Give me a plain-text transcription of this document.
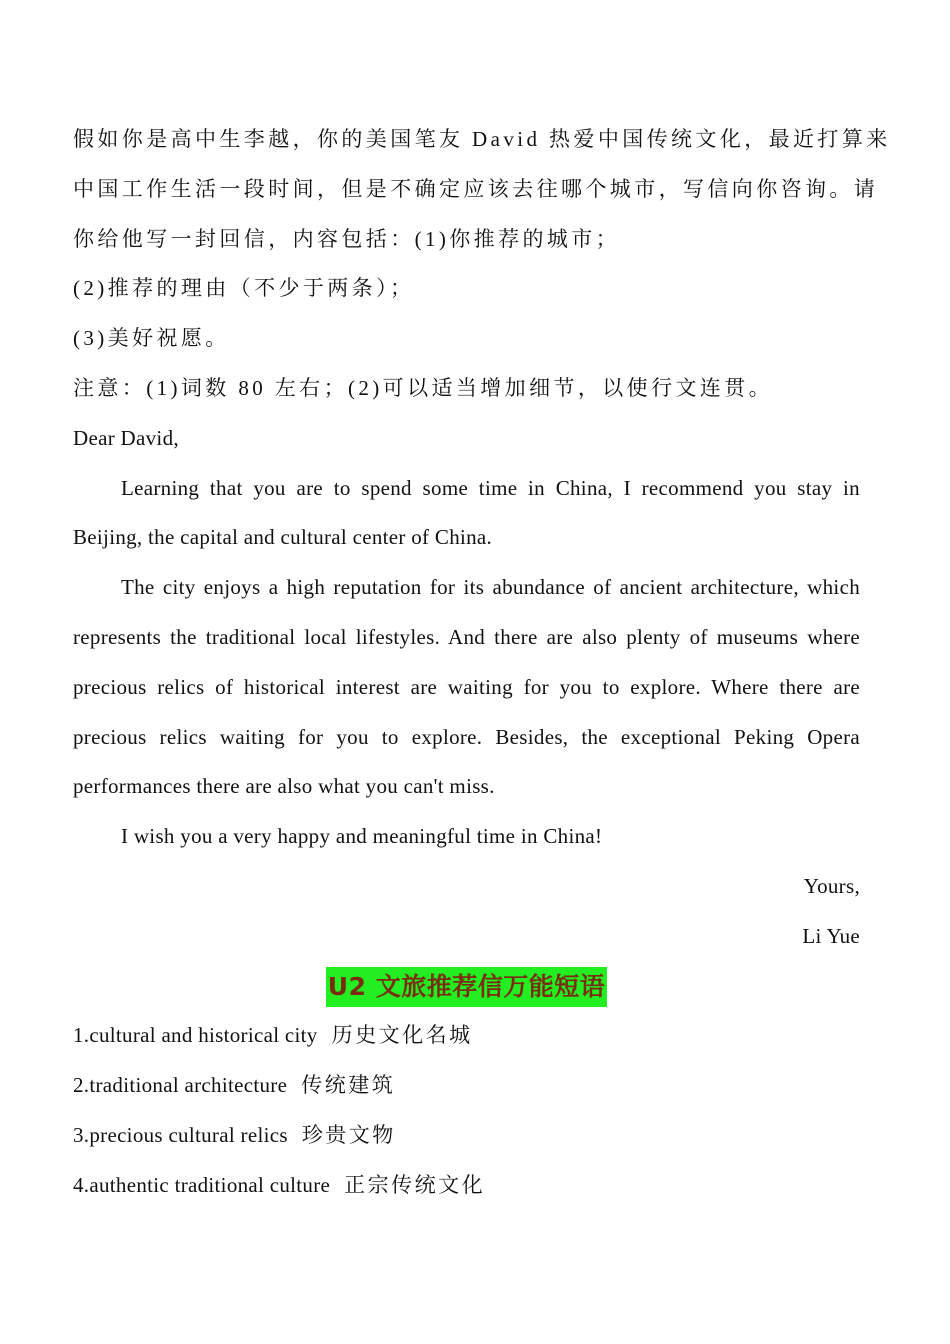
假如你是高中生李越，你的美国笔友 David 热爱中国传统文化，最近打算来

中国工作生活一段时间，但是不确定应该去往哪个城市，写信向你咨询。请

你给他写一封回信，内容包括：(1)你推荐的城市；

(2)推荐的理由（不少于两条）；

(3)美好祝愿。

注意：(1)词数 80 左右；(2)可以适当增加细节，以使行文连贯。

Dear David,

Learning that you are to spend some time in China, I recommend you stay in Beijing, the capital and cultural center of China.

The city enjoys a high reputation for its abundance of ancient architecture, which represents the traditional local lifestyles. And there are also plenty of museums where precious relics of historical interest are waiting for you to explore. Where there are precious relics waiting for you to explore. Besides, the exceptional Peking Opera performances there are also what you can't miss.

I wish you a very happy and meaningful time in China!

Yours,

Li Yue

U2 文旅推荐信万能短语

1.cultural and historical city 历史文化名城

2.traditional architecture 传统建筑

3.precious cultural relics 珍贵文物

4.authentic traditional culture 正宗传统文化
